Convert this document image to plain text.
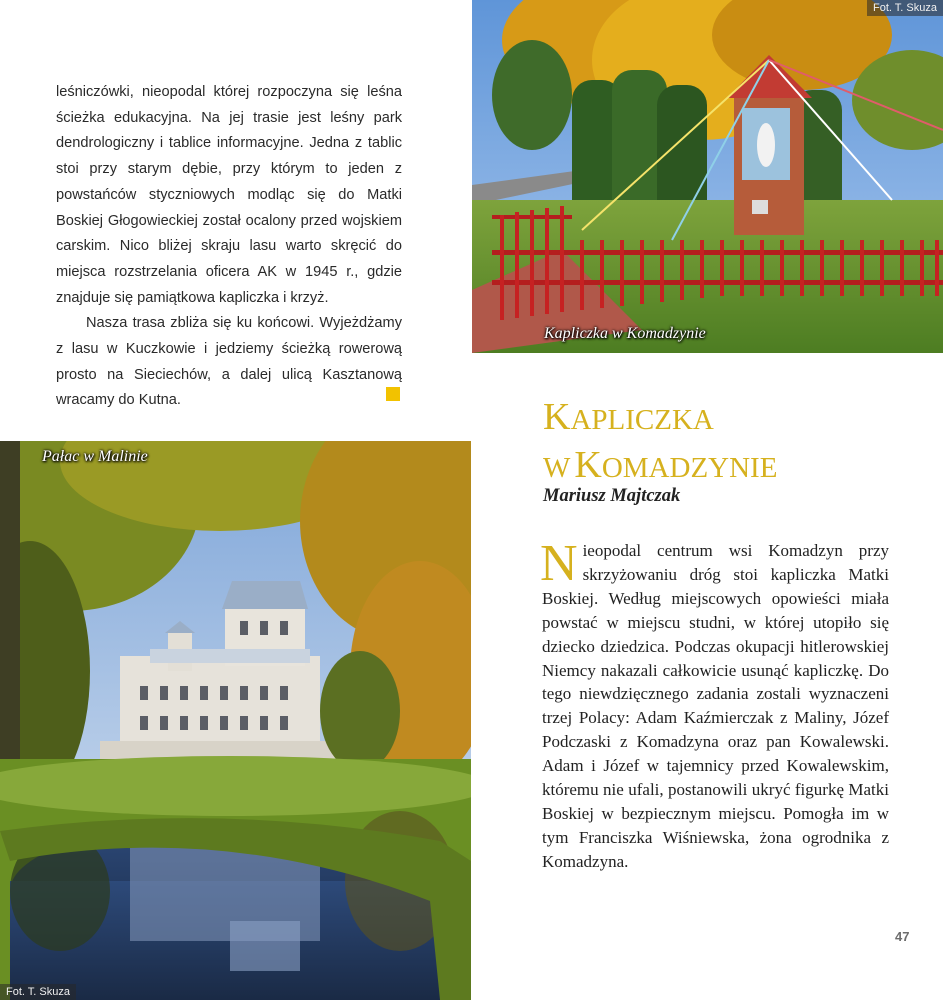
leśniczówki, nieopodal której rozpoczyna się leśna ścieżka edukacyjna. Na jej trasie jest leśny park dendrologiczny i tablice informacyjne. Jedna z tablic stoi przy starym dębie, przy którym to jeden z powstańców styczniowych modląc się do Matki Boskiej Głogowieckiej został ocalony przed wojskiem carskim. Nico bliżej skraju lasu warto skręcić do miejsca rozstrzelania oficera AK w 1945 r., gdzie znajduje się pamiątkowa kapliczka i krzyż.

Nasza trasa zbliża się ku końcowi. Wyjeżdżamy z lasu w Kuczkowie i jedziemy ścieżką rowerową prosto na Sieciechów, a dalej ulicą Kasztanową wracamy do Kutna.

Fot. T. Skuza
Kapliczka w Komadzynie
Pałac w Malinie
Fot. T. Skuza
KAPLICZKA
W KOMADZYNIE
Mariusz Majtczak

Nieopodal centrum wsi Komadzyn przy skrzyżowaniu dróg stoi kapliczka Matki Boskiej. Według miejscowych opowieści miała powstać w miejscu studni, w której utopiło się dziecko dziedzica. Podczas okupacji hitlerowskiej Niemcy nakazali całkowicie usunąć kapliczkę. Do tego niewdzięcznego zadania zostali wyznaczeni trzej Polacy: Adam Kaźmierczak z Maliny, Józef Podczaski z Komadzyna oraz pan Kowalewski. Adam i Józef w tajemnicy przed Kowalewskim, któremu nie ufali, postanowili ukryć figurkę Matki Boskiej w bezpiecznym miejscu. Pomogła im w tym Franciszka Wiśniewska, żona ogrodnika z Komadzyna.

47
